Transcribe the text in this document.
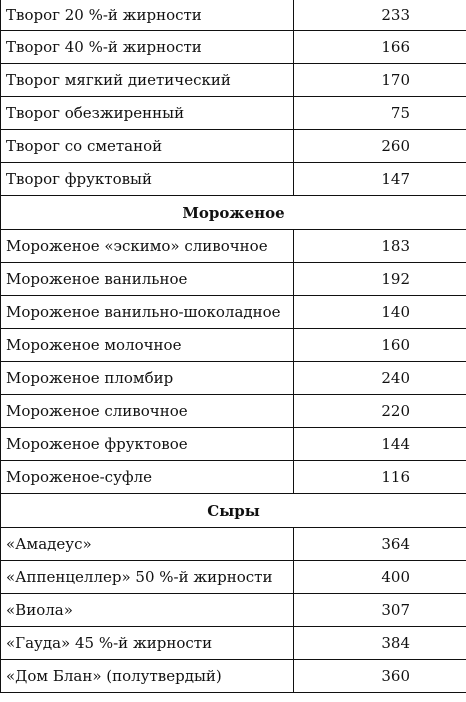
Творог 20 %-й жирности	233
Творог 40 %-й жирности	166
Творог мягкий диетический	170
Творог обезжиренный	75
Творог со сметаной	260
Творог фруктовый	147
Мороженое	
Мороженое «эскимо» сливочное	183
Мороженое ванильное	192
Мороженое ванильно-шоколадное	140
Мороженое молочное	160
Мороженое пломбир	240
Мороженое сливочное	220
Мороженое фруктовое	144
Мороженое-суфле	116
Сыры	
«Амадеус»	364
«Аппенцеллер» 50 %-й жирности	400
«Виола»	307
«Гауда» 45 %-й жирности	384
«Дом Блан» (полутвердый)	360
